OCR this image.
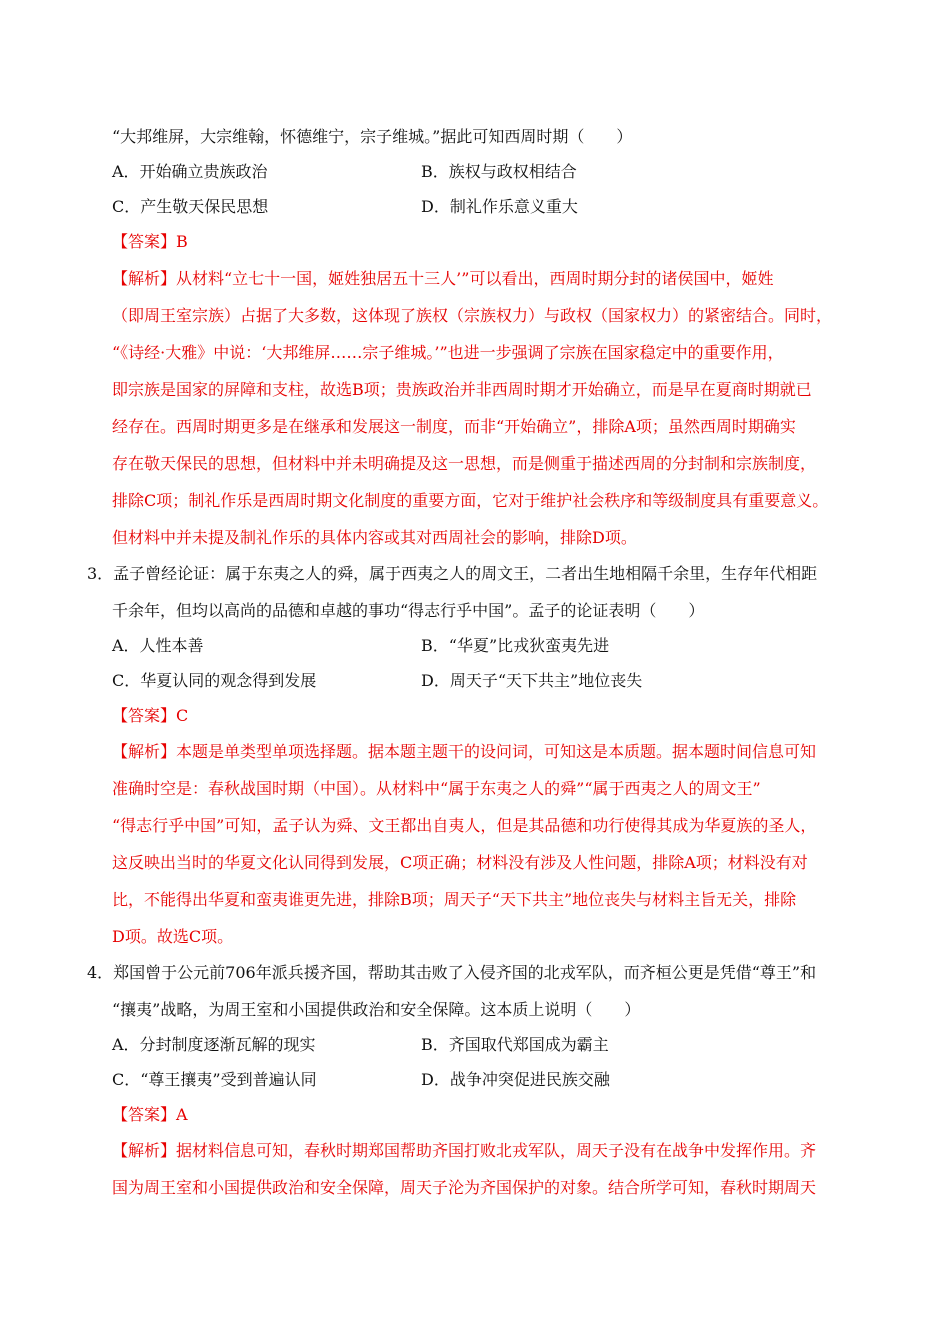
“大邦维屏，大宗维翰，怀德维宁，宗子维城。”据此可知西周时期（　　）
A．开始确立贵族政治	B．族权与政权相结合
C．产生敬天保民思想	D．制礼作乐意义重大
【答案】B
【解析】从材料“立七十一国，姬姓独居五十三人’”可以看出，西周时期分封的诸侯国中，姬姓
（即周王室宗族）占据了大多数，这体现了族权（宗族权力）与政权（国家权力）的紧密结合。同时，
“《诗经·大雅》中说：‘大邦维屏……宗子维城。’”也进一步强调了宗族在国家稳定中的重要作用，
即宗族是国家的屏障和支柱，故选B项；贵族政治并非西周时期才开始确立，而是早在夏商时期就已
经存在。西周时期更多是在继承和发展这一制度，而非“开始确立”，排除A项；虽然西周时期确实
存在敬天保民的思想，但材料中并未明确提及这一思想，而是侧重于描述西周的分封制和宗族制度，
排除C项；制礼作乐是西周时期文化制度的重要方面，它对于维护社会秩序和等级制度具有重要意义。
但材料中并未提及制礼作乐的具体内容或其对西周社会的影响，排除D项。
3．孟子曾经论证：属于东夷之人的舜，属于西夷之人的周文王，二者出生地相隔千余里，生存年代相距
千余年，但均以高尚的品德和卓越的事功“得志行乎中国”。孟子的论证表明（　　）
A．人性本善	B．“华夏”比戎狄蛮夷先进
C．华夏认同的观念得到发展	D．周天子“天下共主”地位丧失
【答案】C
【解析】本题是单类型单项选择题。据本题主题干的设问词，可知这是本质题。据本题时间信息可知
准确时空是：春秋战国时期（中国）。从材料中“属于东夷之人的舜”“属于西夷之人的周文王”
“得志行乎中国”可知，孟子认为舜、文王都出自夷人，但是其品德和功行使得其成为华夏族的圣人，
这反映出当时的华夏文化认同得到发展，C项正确；材料没有涉及人性问题，排除A项；材料没有对
比，不能得出华夏和蛮夷谁更先进，排除B项；周天子“天下共主”地位丧失与材料主旨无关，排除
D项。故选C项。
4．郑国曾于公元前706年派兵援齐国，帮助其击败了入侵齐国的北戎军队，而齐桓公更是凭借“尊王”和
“攘夷”战略，为周王室和小国提供政治和安全保障。这本质上说明（　　）
A．分封制度逐渐瓦解的现实	B．齐国取代郑国成为霸主
C．“尊王攘夷”受到普遍认同	D．战争冲突促进民族交融
【答案】A
【解析】据材料信息可知，春秋时期郑国帮助齐国打败北戎军队，周天子没有在战争中发挥作用。齐
国为周王室和小国提供政治和安全保障，周天子沦为齐国保护的对象。结合所学可知，春秋时期周天
